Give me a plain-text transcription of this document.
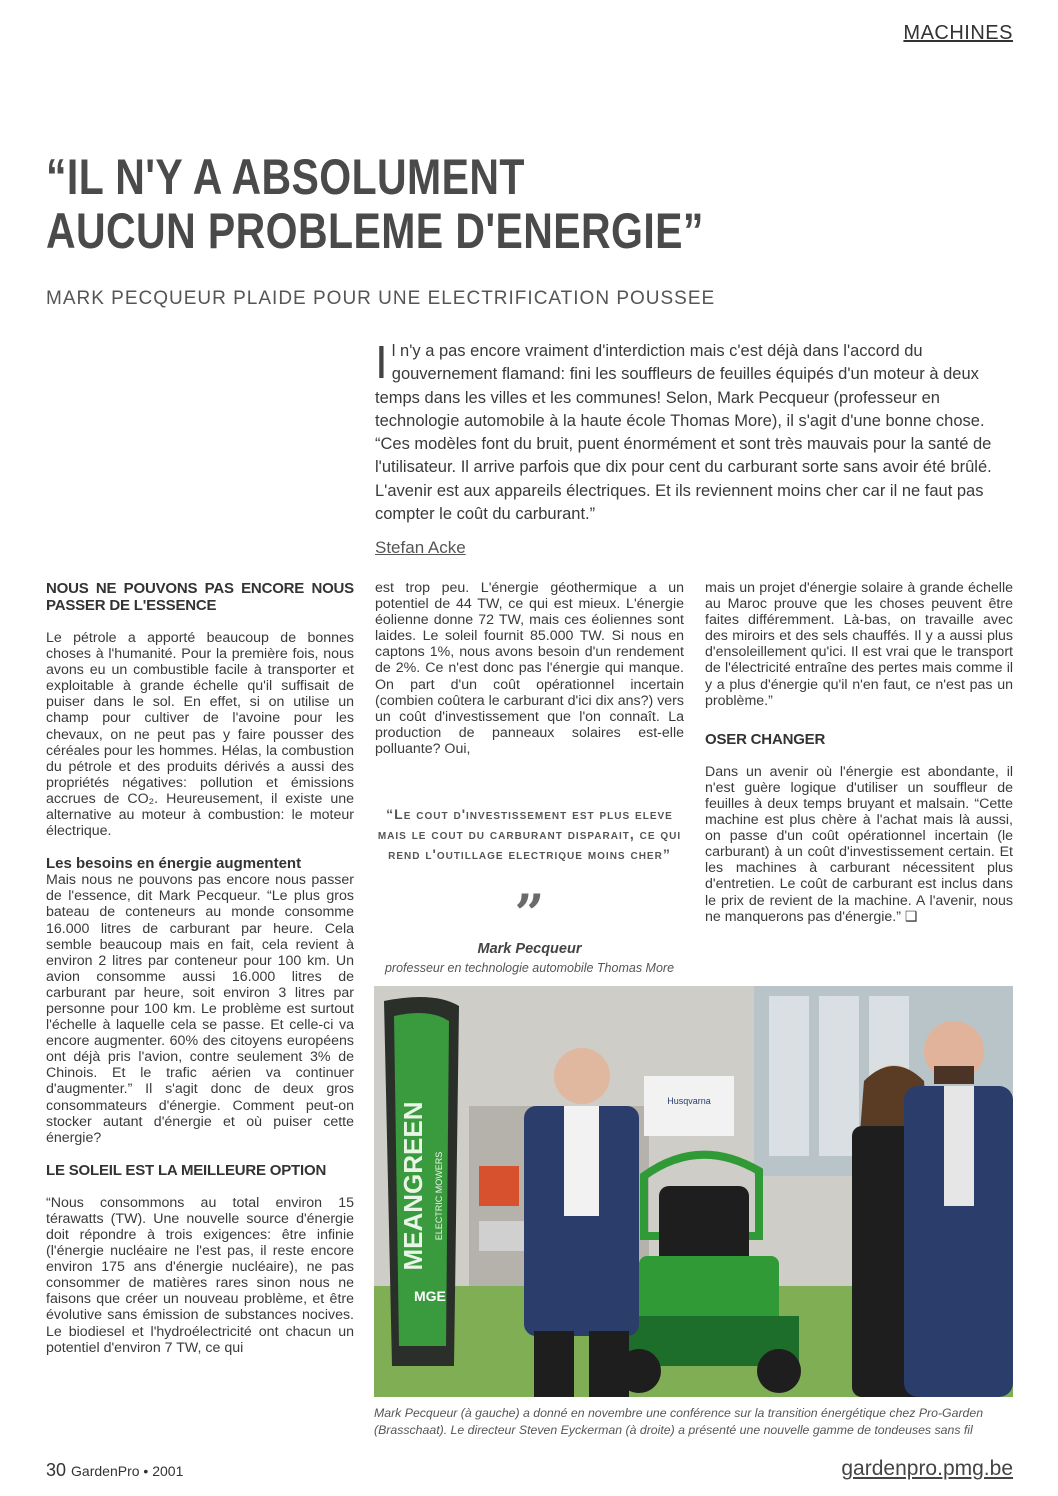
MACHINES
“IL N'Y A ABSOLUMENT
AUCUN PROBLEME D'ENERGIE”
MARK PECQUEUR PLAIDE POUR UNE ELECTRIFICATION POUSSEE
Il n'y a pas encore vraiment d'interdiction mais c'est déjà dans l'accord du gouvernement flamand: fini les souffleurs de feuilles équipés d'un moteur à deux temps dans les villes et les communes! Selon, Mark Pecqueur (professeur en technologie automobile à la haute école Thomas More), il s'agit d'une bonne chose. “Ces modèles font du bruit, puent énormément et sont très mauvais pour la santé de l'utilisateur. Il arrive parfois que dix pour cent du carburant sorte sans avoir été brûlé. L'avenir est aux appareils électriques. Et ils reviennent moins cher car il ne faut pas compter le coût du carburant.”
Stefan Acke
NOUS NE POUVONS PAS ENCORE NOUS PASSER DE L'ESSENCE

Le pétrole a apporté beaucoup de bonnes choses à l'humanité. Pour la première fois, nous avons eu un combustible facile à transporter et exploitable à grande échelle qu'il suffisait de puiser dans le sol. En effet, si on utilise un champ pour cultiver de l'avoine pour les chevaux, on ne peut pas y faire pousser des céréales pour les hommes. Hélas, la combustion du pétrole et des produits dérivés a aussi des propriétés négatives: pollution et émissions accrues de CO₂. Heureusement, il existe une alternative au moteur à combustion: le moteur électrique.

Les besoins en énergie augmentent

Mais nous ne pouvons pas encore nous passer de l'essence, dit Mark Pecqueur. “Le plus gros bateau de conteneurs au monde consomme 16.000 litres de carburant par heure. Cela semble beaucoup mais en fait, cela revient à environ 2 litres par conteneur pour 100 km. Un avion consomme aussi 16.000 litres de carburant par heure, soit environ 3 litres par personne pour 100 km. Le problème est surtout l'échelle à laquelle cela se passe. Et celle-ci va encore augmenter. 60% des citoyens européens ont déjà pris l'avion, contre seulement 3% de Chinois. Et le trafic aérien va continuer d'augmenter.” Il s'agit donc de deux gros consommateurs d'énergie. Comment peut-on stocker autant d'énergie et où puiser cette énergie?

LE SOLEIL EST LA MEILLEURE OPTION

“Nous consommons au total environ 15 térawatts (TW). Une nouvelle source d'énergie doit répondre à trois exigences: être infinie (l'énergie nucléaire ne l'est pas, il reste encore environ 175 ans d'énergie nucléaire), ne pas consommer de matières rares sinon nous ne faisons que créer un nouveau problème, et être évolutive sans émission de substances nocives. Le biodiesel et l'hydroélectricité ont chacun un potentiel d'environ 7 TW, ce qui

est trop peu. L'énergie géothermique a un potentiel de 44 TW, ce qui est mieux. L'énergie éolienne donne 72 TW, mais ces éoliennes sont laides. Le soleil fournit 85.000 TW. Si nous en captons 1%, nous avons besoin d'un rendement de 2%. Ce n'est donc pas l'énergie qui manque. On part d'un coût opérationnel incertain (combien coûtera le carburant d'ici dix ans?) vers un coût d'investissement que l'on connaît. La production de panneaux solaires est-elle polluante? Oui,

“Le cout d'investissement est plus eleve mais le cout du carburant disparait, ce qui rend l'outillage electrique moins cher”
”
Mark Pecqueur
professeur en technologie automobile Thomas More

mais un projet d'énergie solaire à grande échelle au Maroc prouve que les choses peuvent être faites différemment. Là-bas, on travaille avec des miroirs et des sels chauffés. Il y a aussi plus d'ensoleillement qu'ici. Il est vrai que le transport de l'électricité entraîne des pertes mais comme il y a plus d'énergie qu'il n'en faut, ce n'est pas un problème.”

OSER CHANGER

Dans un avenir où l'énergie est abondante, il n'est guère logique d'utiliser un souffleur de feuilles à deux temps bruyant et malsain. “Cette machine est plus chère à l'achat mais là aussi, on passe d'un coût opérationnel incertain (le carburant) à un coût d'investissement certain. Et les machines à carburant nécessitent plus d'entretien. Le coût de carburant est inclus dans le prix de revient de la machine. A l'avenir, nous ne manquerons pas d'énergie.” ❑

Husqvarna
MEANGREEN ELECTRIC MOWERS
MGE
Mark Pecqueur (à gauche) a donné en novembre une conférence sur la transition énergétique chez Pro-Garden (Brasschaat). Le directeur Steven Eyckerman (à droite) a présenté une nouvelle gamme de tondeuses sans fil
30 GardenPro • 2001	gardenpro.pmg.be
